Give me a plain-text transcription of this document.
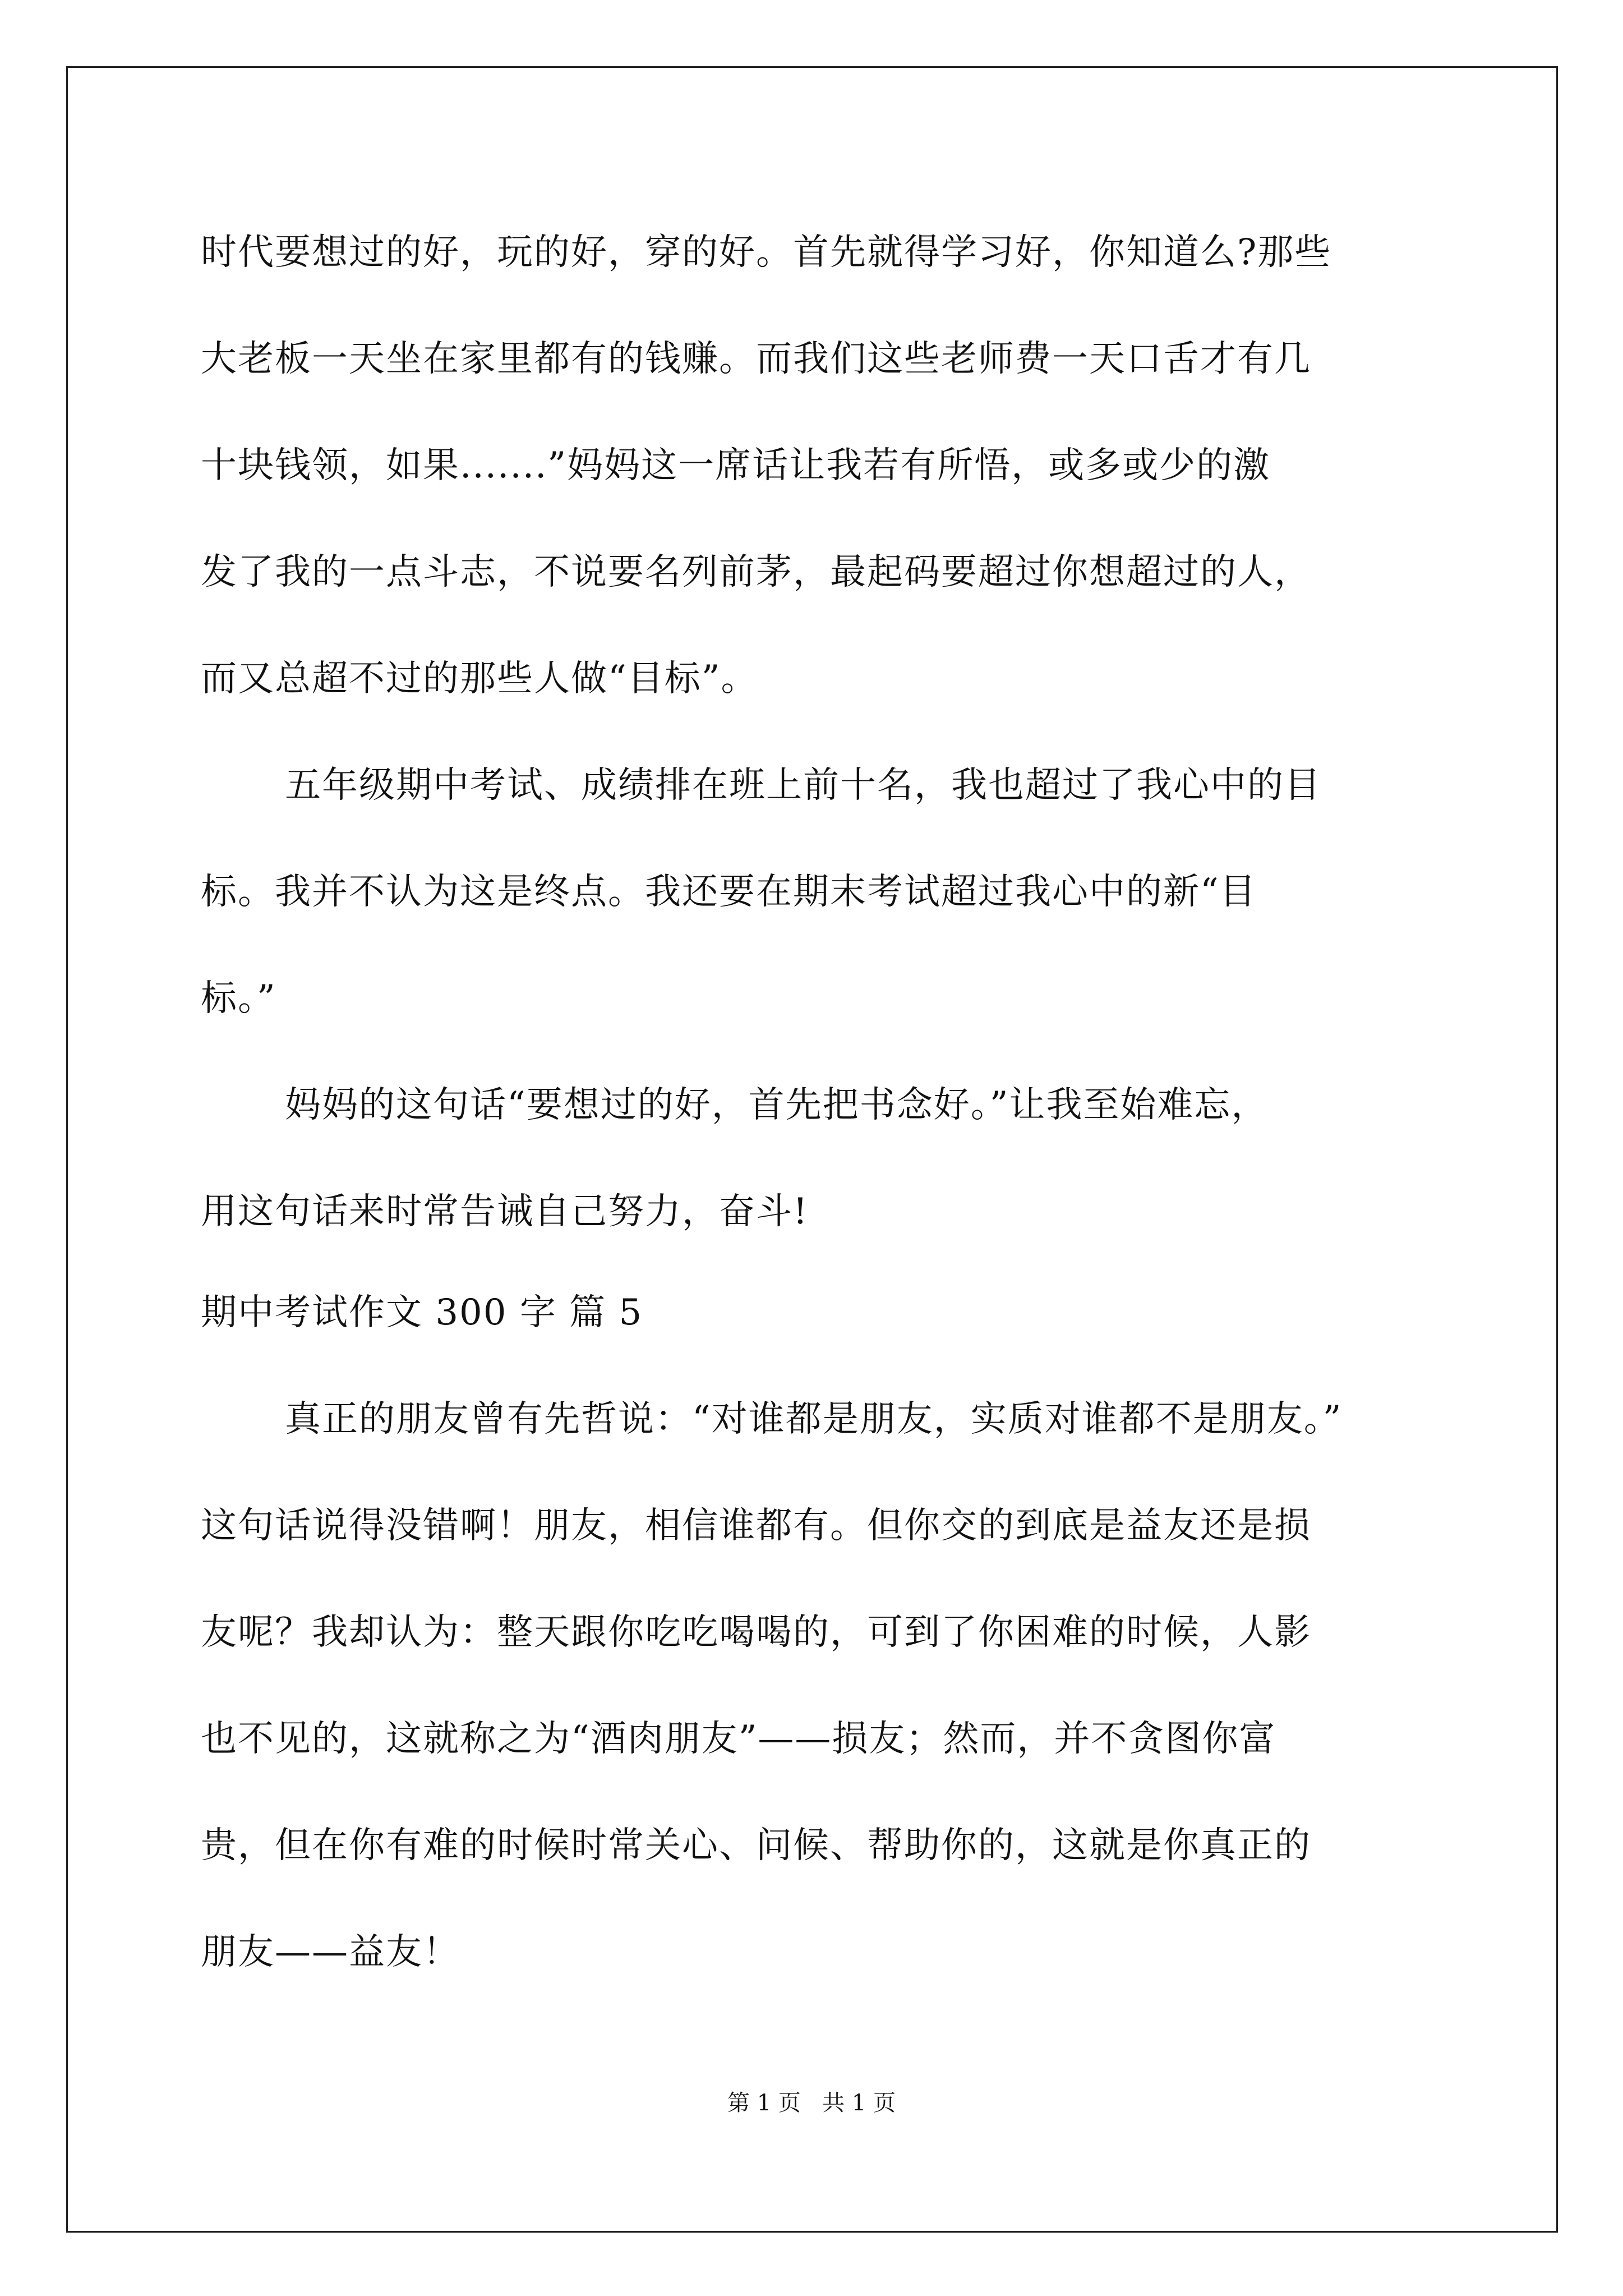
时代要想过的好，玩的好，穿的好。首先就得学习好，你知道么?那些
大老板一天坐在家里都有的钱赚。而我们这些老师费一天口舌才有几
十块钱领，如果.......”妈妈这一席话让我若有所悟，或多或少的激
发了我的一点斗志，不说要名列前茅，最起码要超过你想超过的人，
而又总超不过的那些人做“目标”。
五年级期中考试、成绩排在班上前十名，我也超过了我心中的目
标。我并不认为这是终点。我还要在期末考试超过我心中的新“目
标。”
妈妈的这句话“要想过的好，首先把书念好。”让我至始难忘，
用这句话来时常告诫自己努力，奋斗!
期中考试作文 300 字 篇 5
真正的朋友曾有先哲说：“对谁都是朋友，实质对谁都不是朋友。”
这句话说得没错啊！朋友，相信谁都有。但你交的到底是益友还是损
友呢？我却认为：整天跟你吃吃喝喝的，可到了你困难的时候，人影
也不见的，这就称之为“酒肉朋友”——损友；然而，并不贪图你富
贵，但在你有难的时候时常关心、问候、帮助你的，这就是你真正的
朋友——益友！
第 1 页   共 1 页
